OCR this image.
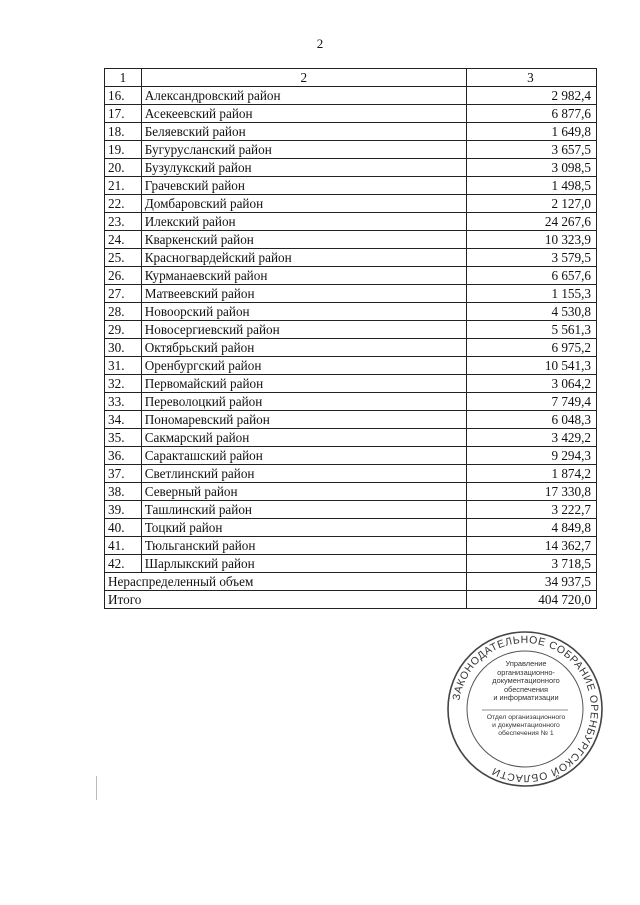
2
1	2	3
16.	Александровский район	2 982,4
17.	Асекеевский район	6 877,6
18.	Беляевский район	1 649,8
19.	Бугурусланский район	3 657,5
20.	Бузулукский район	3 098,5
21.	Грачевский район	1 498,5
22.	Домбаровский район	2 127,0
23.	Илекский район	24 267,6
24.	Кваркенский район	10 323,9
25.	Красногвардейский район	3 579,5
26.	Курманаевский район	6 657,6
27.	Матвеевский район	1 155,3
28.	Новоорский район	4 530,8
29.	Новосергиевский район	5 561,3
30.	Октябрьский район	6 975,2
31.	Оренбургский район	10 541,3
32.	Первомайский район	3 064,2
33.	Переволоцкий район	7 749,4
34.	Пономаревский район	6 048,3
35.	Сакмарский район	3 429,2
36.	Саракташский район	9 294,3
37.	Светлинский район	1 874,2
38.	Северный район	17 330,8
39.	Ташлинский район	3 222,7
40.	Тоцкий район	4 849,8
41.	Тюльганский район	14 362,7
42.	Шарлыкский район	3 718,5
Нераспределенный объем		34 937,5
Итого		404 720,0
ЗАКОНОДАТЕЛЬНОЕ СОБРАНИЕ ОРЕНБУРГСКОЙ ОБЛАСТИ
Управление
организационно-
документационного
обеспечения
и информатизации
Отдел организационного
и документационного
обеспечения № 1
